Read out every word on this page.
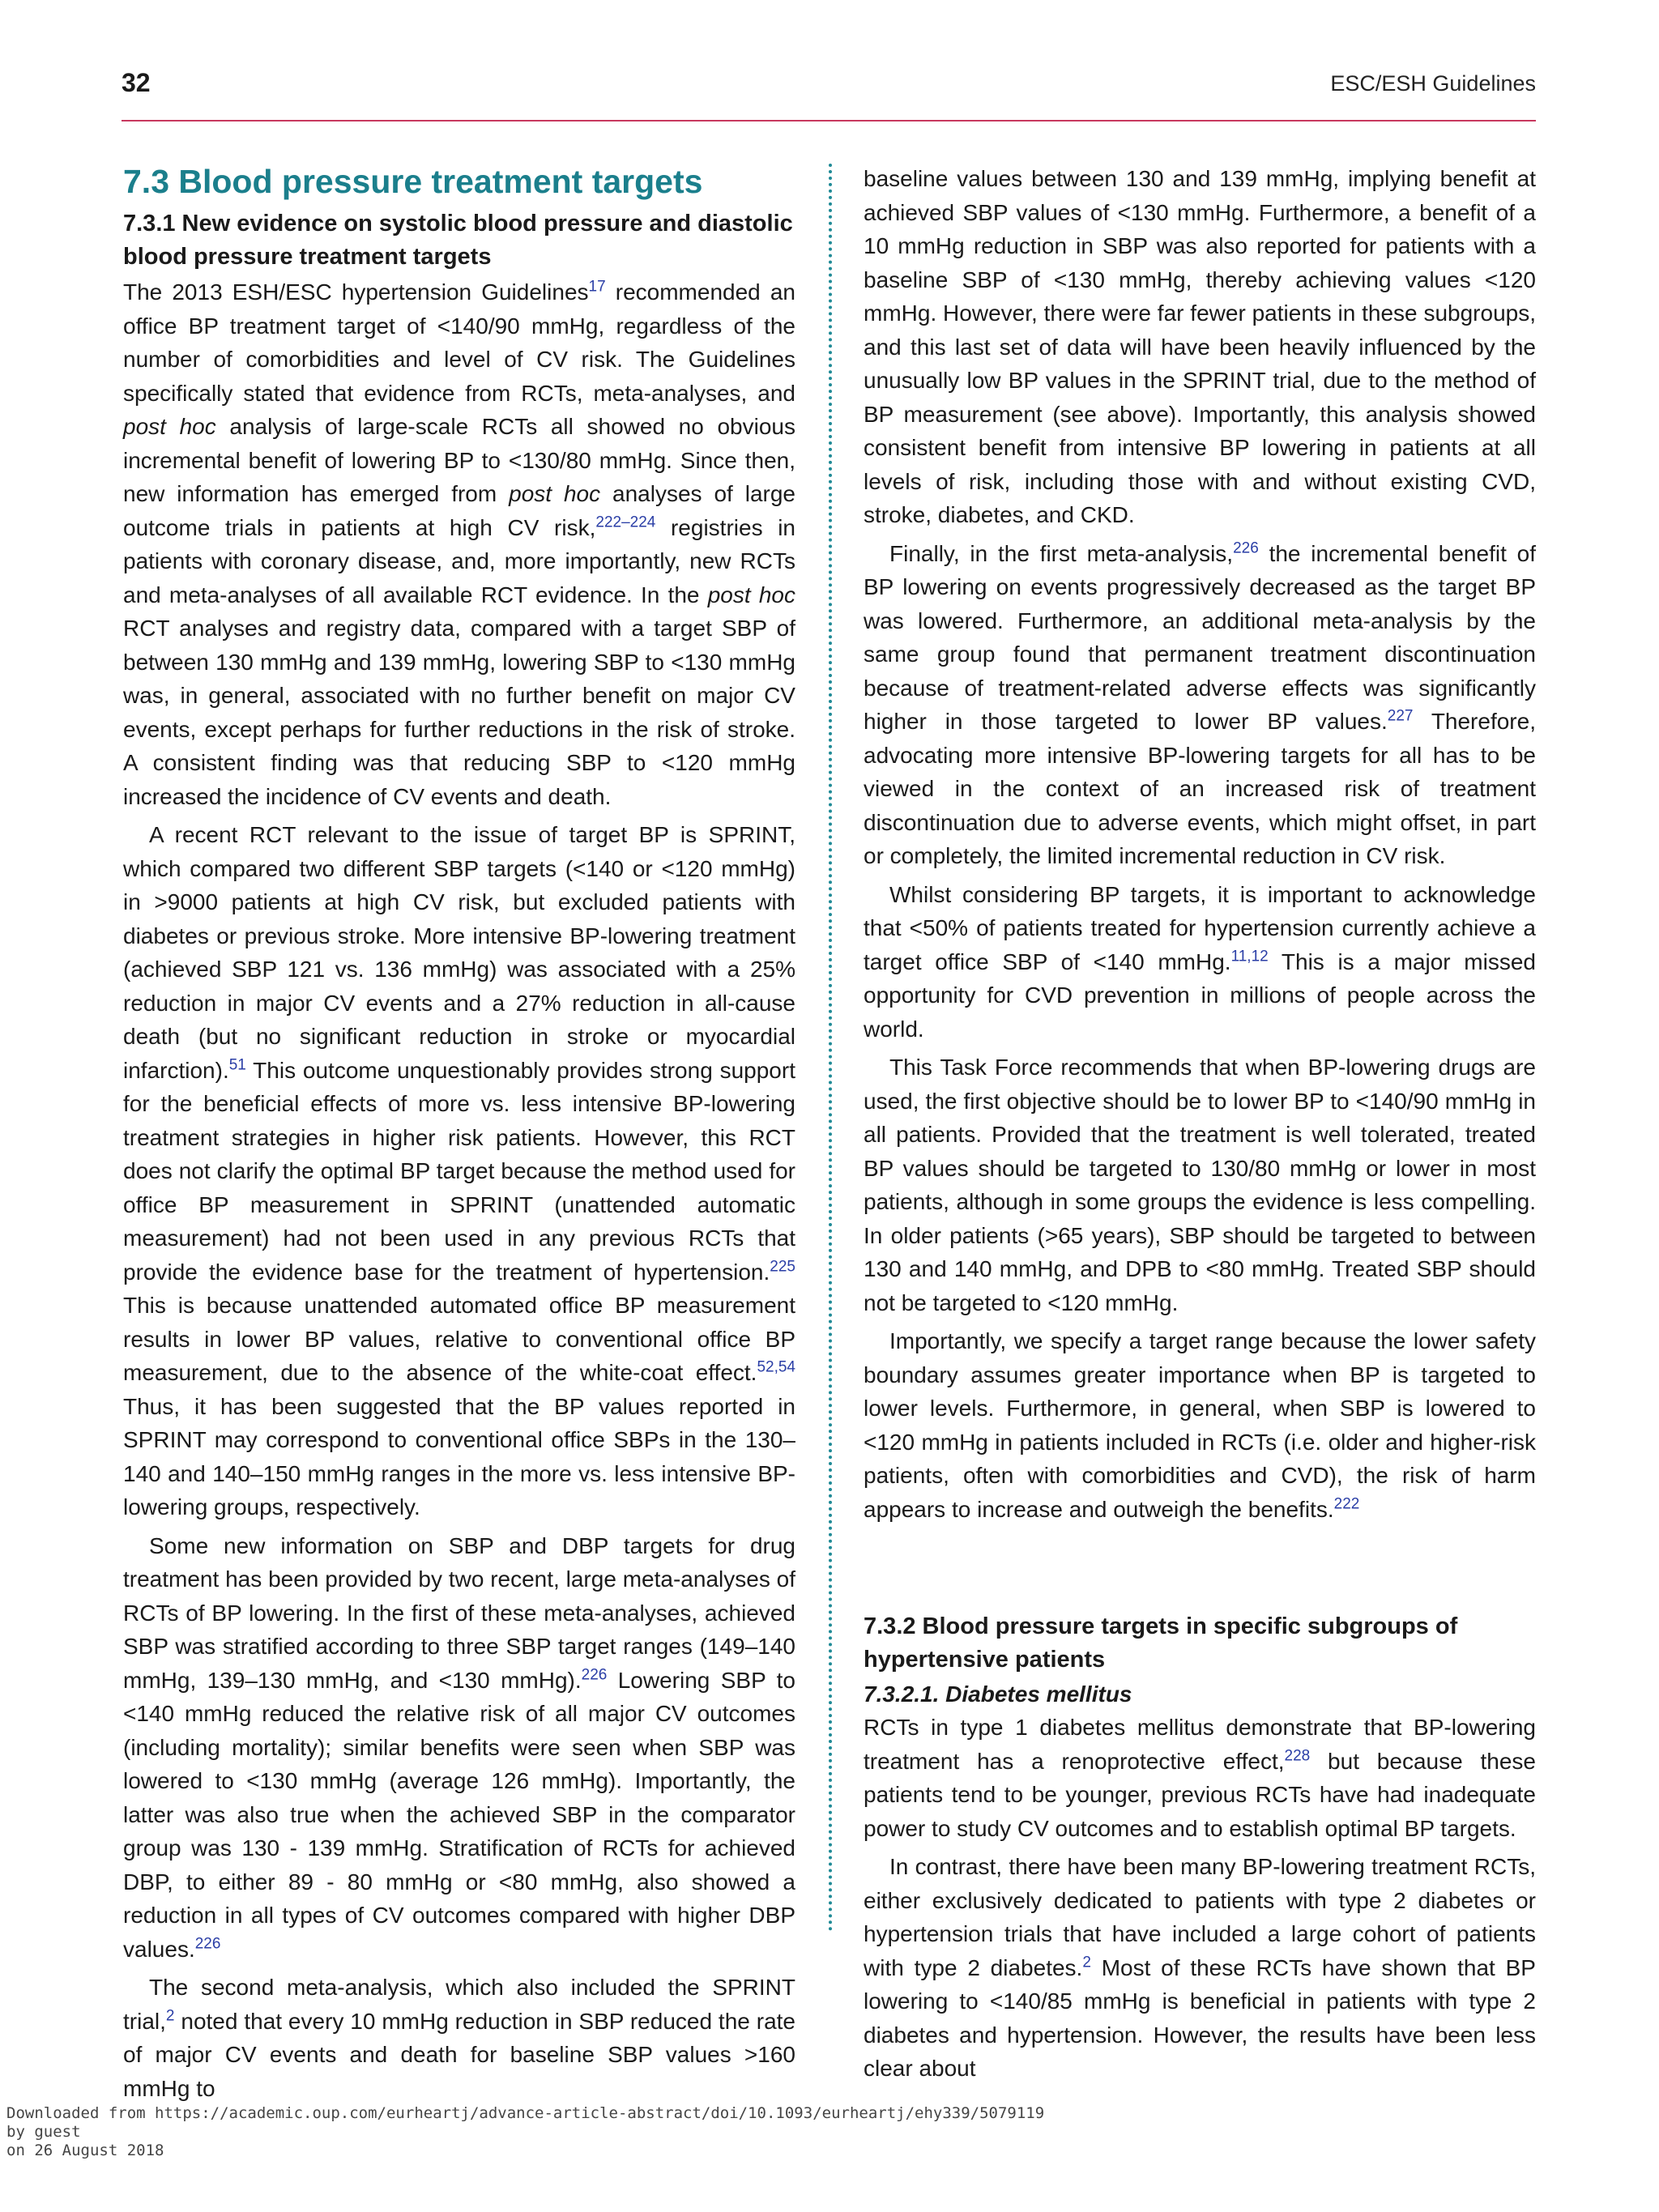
32	ESC/ESH Guidelines
7.3 Blood pressure treatment targets
7.3.1 New evidence on systolic blood pressure and diastolic blood pressure treatment targets

The 2013 ESH/ESC hypertension Guidelines$^{17}$ recommended an office BP treatment target of <140/90 mmHg, regardless of the number of comorbidities and level of CV risk. The Guidelines specifically stated that evidence from RCTs, meta-analyses, and post hoc analysis of large-scale RCTs all showed no obvious incremental benefit of lowering BP to <130/80 mmHg. Since then, new information has emerged from post hoc analyses of large outcome trials in patients at high CV risk,$^{222-224}$ registries in patients with coronary disease, and, more importantly, new RCTs and meta-analyses of all available RCT evidence. In the post hoc RCT analyses and registry data, compared with a target SBP of between 130 mmHg and 139 mmHg, lowering SBP to <130 mmHg was, in general, associated with no further benefit on major CV events, except perhaps for further reductions in the risk of stroke. A consistent finding was that reducing SBP to <120 mmHg increased the incidence of CV events and death.

A recent RCT relevant to the issue of target BP is SPRINT, which compared two different SBP targets (<140 or <120 mmHg) in >9000 patients at high CV risk, but excluded patients with diabetes or previous stroke. More intensive BP-lowering treatment (achieved SBP 121 vs. 136 mmHg) was associated with a 25% reduction in major CV events and a 27% reduction in all-cause death (but no significant reduction in stroke or myocardial infarction).$^{51}$ This outcome unquestionably provides strong support for the beneficial effects of more vs. less intensive BP-lowering treatment strategies in higher risk patients. However, this RCT does not clarify the optimal BP target because the method used for office BP measurement in SPRINT (unattended automatic measurement) had not been used in any previous RCTs that provide the evidence base for the treatment of hypertension.$^{225}$ This is because unattended automated office BP measurement results in lower BP values, relative to conventional office BP measurement, due to the absence of the white-coat effect.$^{52,54}$ Thus, it has been suggested that the BP values reported in SPRINT may correspond to conventional office SBPs in the 130–140 and 140–150 mmHg ranges in the more vs. less intensive BP-lowering groups, respectively.

Some new information on SBP and DBP targets for drug treatment has been provided by two recent, large meta-analyses of RCTs of BP lowering. In the first of these meta-analyses, achieved SBP was stratified according to three SBP target ranges (149–140 mmHg, 139–130 mmHg, and <130 mmHg).$^{226}$ Lowering SBP to <140 mmHg reduced the relative risk of all major CV outcomes (including mortality); similar benefits were seen when SBP was lowered to <130 mmHg (average 126 mmHg). Importantly, the latter was also true when the achieved SBP in the comparator group was 130 - 139 mmHg. Stratification of RCTs for achieved DBP, to either 89 - 80 mmHg or <80 mmHg, also showed a reduction in all types of CV outcomes compared with higher DBP values.$^{226}$

The second meta-analysis, which also included the SPRINT trial,$^2$ noted that every 10 mmHg reduction in SBP reduced the rate of major CV events and death for baseline SBP values >160 mmHg to

baseline values between 130 and 139 mmHg, implying benefit at achieved SBP values of <130 mmHg. Furthermore, a benefit of a 10 mmHg reduction in SBP was also reported for patients with a baseline SBP of <130 mmHg, thereby achieving values <120 mmHg. However, there were far fewer patients in these subgroups, and this last set of data will have been heavily influenced by the unusually low BP values in the SPRINT trial, due to the method of BP measurement (see above). Importantly, this analysis showed consistent benefit from intensive BP lowering in patients at all levels of risk, including those with and without existing CVD, stroke, diabetes, and CKD.

Finally, in the first meta-analysis,$^{226}$ the incremental benefit of BP lowering on events progressively decreased as the target BP was lowered. Furthermore, an additional meta-analysis by the same group found that permanent treatment discontinuation because of treatment-related adverse effects was significantly higher in those targeted to lower BP values.$^{227}$ Therefore, advocating more intensive BP-lowering targets for all has to be viewed in the context of an increased risk of treatment discontinuation due to adverse events, which might offset, in part or completely, the limited incremental reduction in CV risk.

Whilst considering BP targets, it is important to acknowledge that <50% of patients treated for hypertension currently achieve a target office SBP of <140 mmHg.$^{11,12}$ This is a major missed opportunity for CVD prevention in millions of people across the world.

This Task Force recommends that when BP-lowering drugs are used, the first objective should be to lower BP to <140/90 mmHg in all patients. Provided that the treatment is well tolerated, treated BP values should be targeted to 130/80 mmHg or lower in most patients, although in some groups the evidence is less compelling. In older patients (>65 years), SBP should be targeted to between 130 and 140 mmHg, and DPB to <80 mmHg. Treated SBP should not be targeted to <120 mmHg.

Importantly, we specify a target range because the lower safety boundary assumes greater importance when BP is targeted to lower levels. Furthermore, in general, when SBP is lowered to <120 mmHg in patients included in RCTs (i.e. older and higher-risk patients, often with comorbidities and CVD), the risk of harm appears to increase and outweigh the benefits.$^{222}$

7.3.2 Blood pressure targets in specific subgroups of hypertensive patients
7.3.2.1. Diabetes mellitus

RCTs in type 1 diabetes mellitus demonstrate that BP-lowering treatment has a renoprotective effect,$^{228}$ but because these patients tend to be younger, previous RCTs have had inadequate power to study CV outcomes and to establish optimal BP targets.

In contrast, there have been many BP-lowering treatment RCTs, either exclusively dedicated to patients with type 2 diabetes or hypertension trials that have included a large cohort of patients with type 2 diabetes.$^2$ Most of these RCTs have shown that BP lowering to <140/85 mmHg is beneficial in patients with type 2 diabetes and hypertension. However, the results have been less clear about

Downloaded from https://academic.oup.com/eurheartj/advance-article-abstract/doi/10.1093/eurheartj/ehy339/5079119
by guest
on 26 August 2018
